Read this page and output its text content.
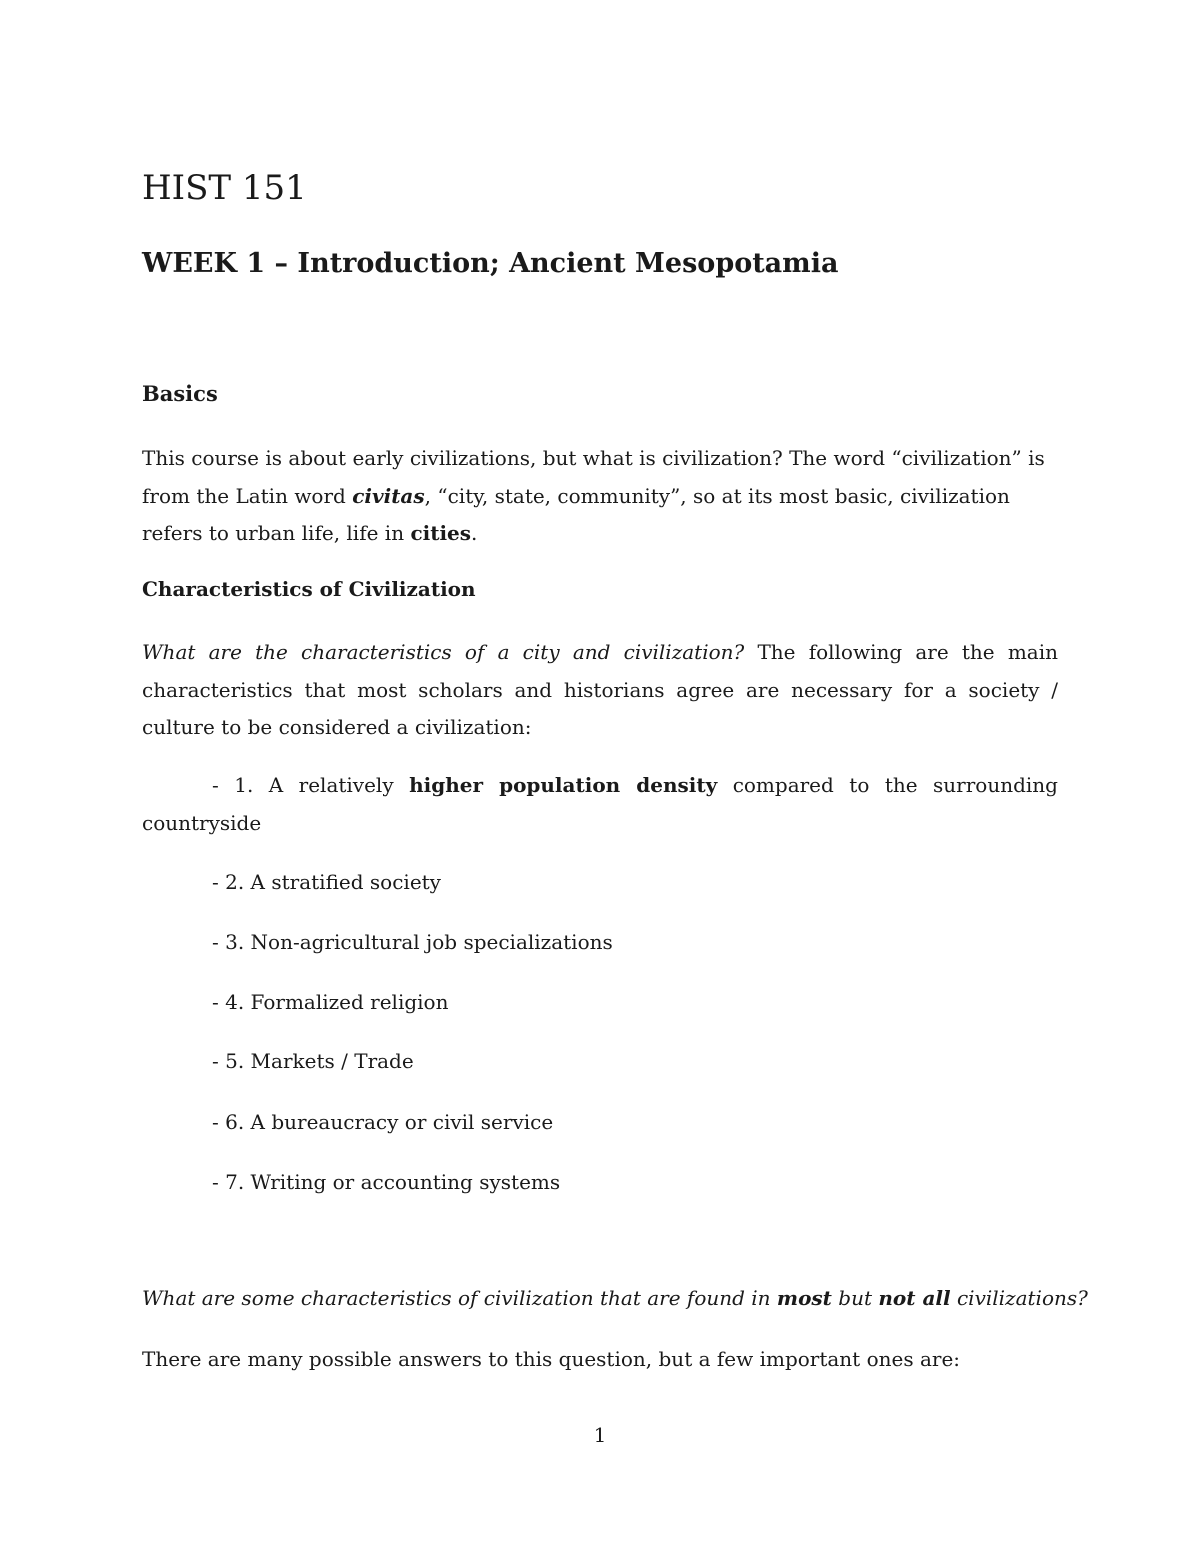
HIST 151
WEEK 1 – Introduction; Ancient Mesopotamia
Basics

This course is about early civilizations, but what is civilization? The word “civilization” is from the Latin word civitas, “city, state, community”, so at its most basic, civilization refers to urban life, life in cities.

Characteristics of Civilization

What are the characteristics of a city and civilization? The following are the main characteristics that most scholars and historians agree are necessary for a society / culture to be considered a civilization:

- 1. A relatively higher population density compared to the surrounding countryside

- 2. A stratified society

- 3. Non-agricultural job specializations

- 4. Formalized religion

- 5. Markets / Trade

- 6. A bureaucracy or civil service

- 7. Writing or accounting systems

What are some characteristics of civilization that are found in most but not all civilizations?

There are many possible answers to this question, but a few important ones are:

1
